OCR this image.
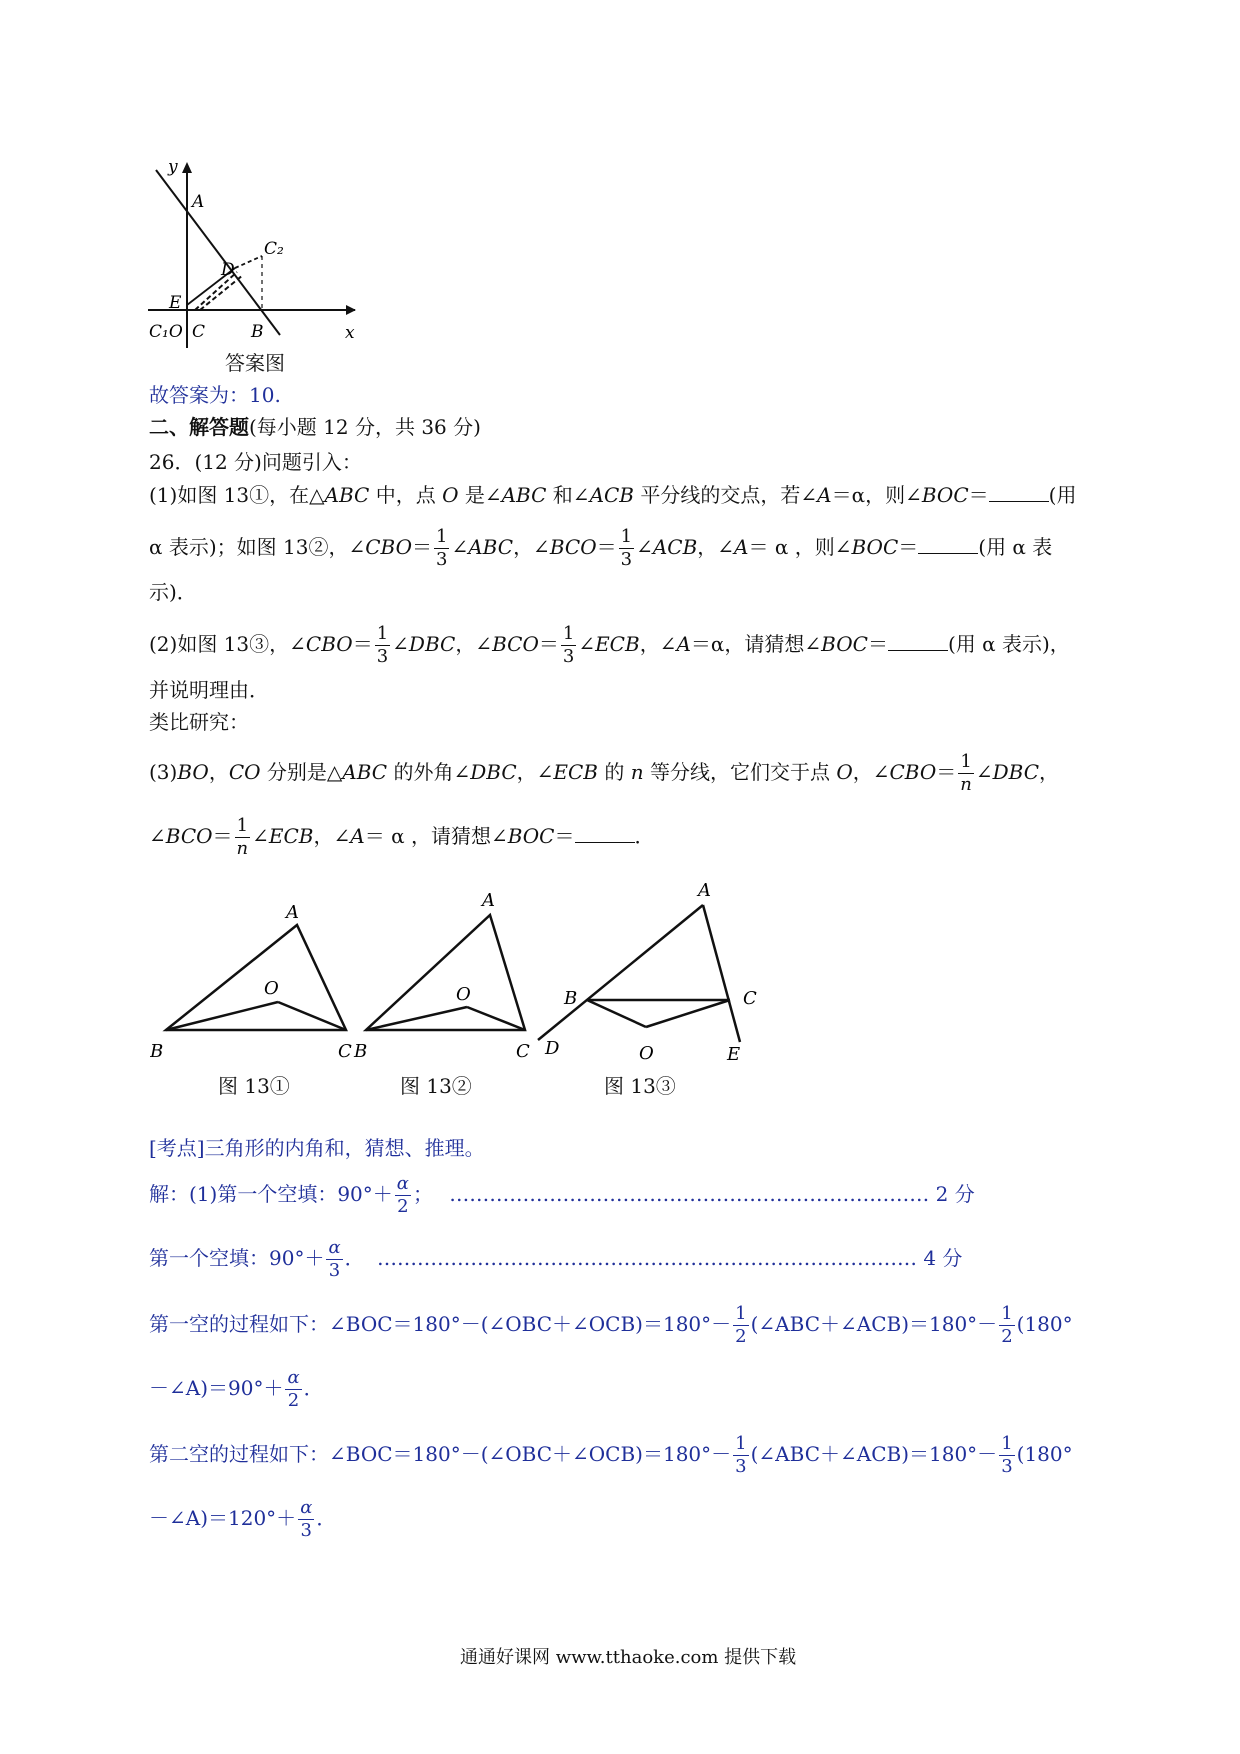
y
x
A
C₂
D
E
C₁O C	B
答案图
故答案为：10.
二、解答题(每小题 12 分，共 36 分)
26．(12 分)问题引入：
(1)如图 13①，在△ABC 中，点 O 是∠ABC 和∠ACB 平分线的交点，若∠A＝α，则∠BOC＝	(用
α 表示)；如图 13②，∠CBO＝ $\frac{1}{3}$ ∠ABC，∠BCO＝ $\frac{1}{3}$ ∠ACB，∠A＝ α ，则∠BOC＝	(用 α 表
示)．
(2)如图 13③，∠CBO＝ $\frac{1}{3}$ ∠DBC，∠BCO＝ $\frac{1}{3}$ ∠ECB，∠A＝α，请猜想∠BOC＝	(用 α 表示)，
并说明理由．
类比研究：
(3)BO，CO 分别是△ABC 的外角∠DBC，∠ECB 的 n 等分线，它们交于点 O，∠CBO＝ $\frac{1}{n}$ ∠DBC，
∠BCO＝ $\frac{1}{n}$ ∠ECB，∠A＝ α ，请猜想∠BOC＝	．
A
O
B	C
A
O
B	C
A
B	C
O
D	E
图 13①	图 13②	图 13③
[考点]三角形的内角和，猜想、推理。
解：(1)第一个空填：$90^\circ+ \frac{\alpha}{2}$ ； ……………………………………………………………… 2 分
第一个空填：$90^\circ+ \frac{\alpha}{3}$ ． ……………………………………………………………………… 4 分
第一空的过程如下：∠BOC＝180°－(∠OBC＋∠OCB)＝180°－ $\frac{1}{2}$ (∠ABC＋∠ACB)＝180°－ $\frac{1}{2} (180^\circ$
－∠A)＝90°＋ $\frac{\alpha}{2}$ ．
第二空的过程如下：∠BOC＝180°－(∠OBC＋∠OCB)＝180°－ $\frac{1}{3}$ (∠ABC＋∠ACB)＝180°－ $\frac{1}{3} (180^\circ$
－∠A)＝120°＋ $\frac{\alpha}{3}$ ．
通通好课网 www.tthaoke.com 提供下载
